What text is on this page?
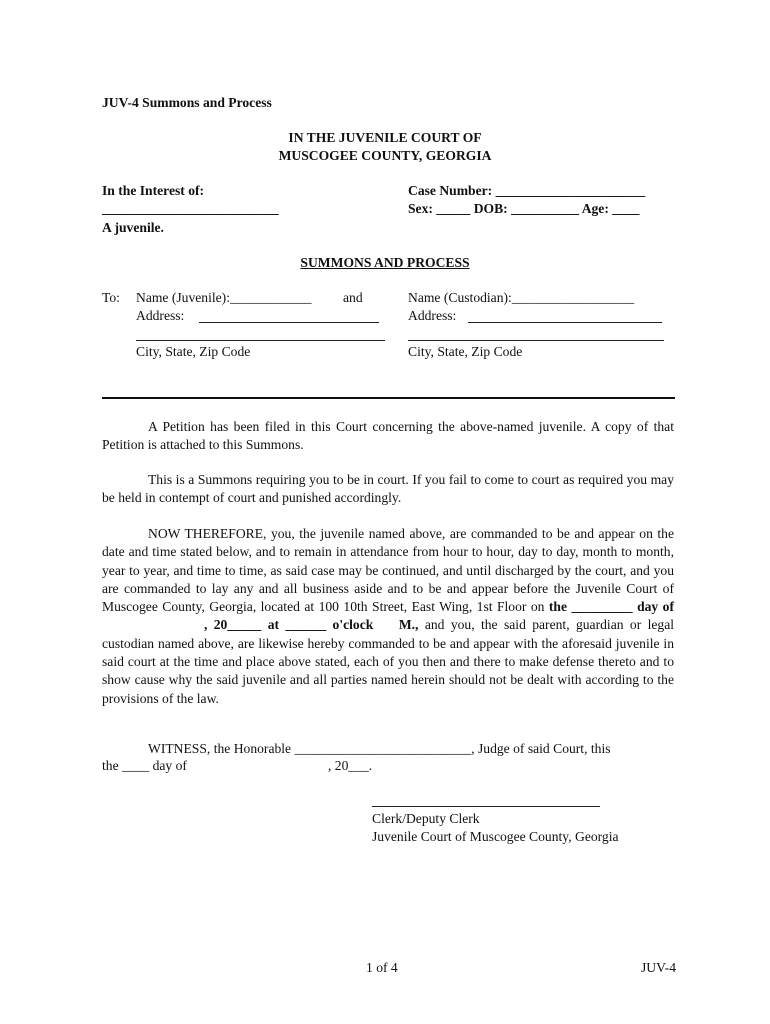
JUV-4 Summons and Process
IN THE JUVENILE COURT OF
MUSCOGEE COUNTY, GEORGIA
In the Interest of:
__________________________
A juvenile.
Case Number: ______________________
Sex: _____ DOB: __________ Age: ____
SUMMONS AND PROCESS
To: Name (Juvenile):____________ and
Address:
City, State, Zip Code
Name (Custodian):__________________
Address:
City, State, Zip Code

A Petition has been filed in this Court concerning the above-named juvenile. A copy of that Petition is attached to this Summons.

This is a Summons requiring you to be in court. If you fail to come to court as required you may be held in contempt of court and punished accordingly.

NOW THEREFORE, you, the juvenile named above, are commanded to be and appear on the date and time stated below, and to remain in attendance from hour to hour, day to day, month to month, year to year, and time to time, as said case may be continued, and until discharged by the court, and you are commanded to lay any and all business aside and to be and appear before the Juvenile Court of Muscogee County, Georgia, located at 100 10th Street, East Wing, 1st Floor on the _________ day of _______________, 20_____ at ______ o'clock M., and you, the said parent, guardian or legal custodian named above, are likewise hereby commanded to be and appear with the aforesaid juvenile in said court at the time and place above stated, each of you then and there to make defense thereto and to show cause why the said juvenile and all parties named herein should not be dealt with according to the provisions of the law.

WITNESS, the Honorable __________________________, Judge of said Court, this

the ____ day of	, 20___.
Clerk/Deputy Clerk
Juvenile Court of Muscogee County, Georgia
1 of 4	JUV-4
